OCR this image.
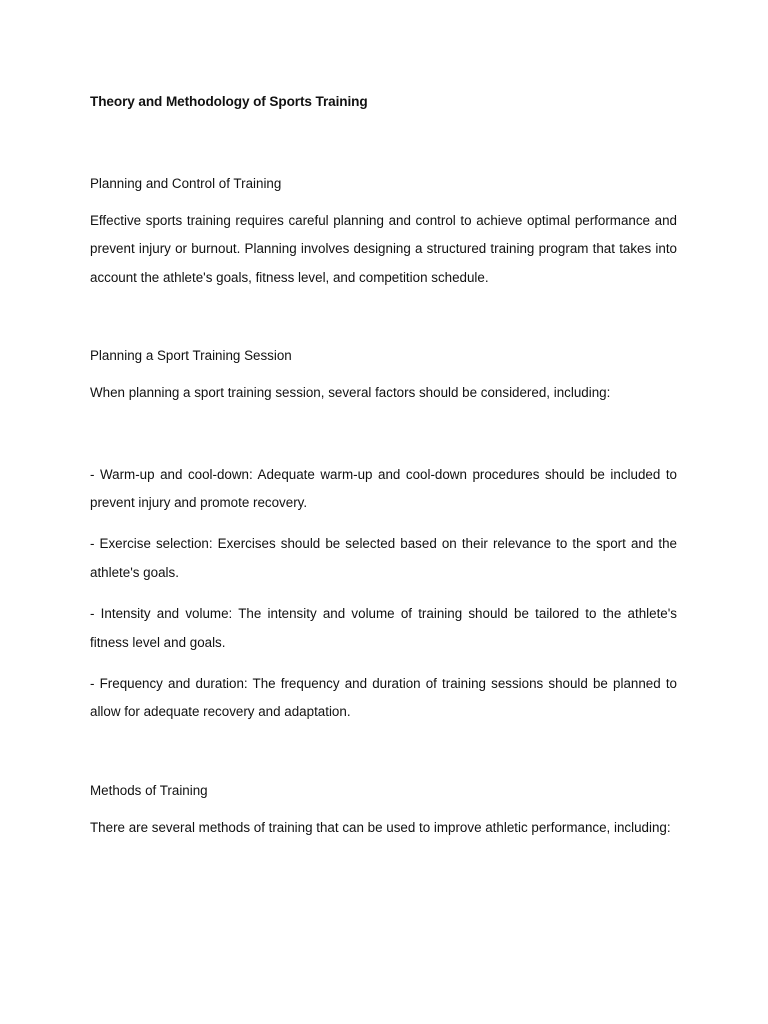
Theory and Methodology of Sports Training
Planning and Control of Training

Effective sports training requires careful planning and control to achieve optimal performance and prevent injury or burnout. Planning involves designing a structured training program that takes into account the athlete's goals, fitness level, and competition schedule.

Planning a Sport Training Session

When planning a sport training session, several factors should be considered, including:

- Warm-up and cool-down: Adequate warm-up and cool-down procedures should be included to prevent injury and promote recovery.

- Exercise selection: Exercises should be selected based on their relevance to the sport and the athlete's goals.

- Intensity and volume: The intensity and volume of training should be tailored to the athlete's fitness level and goals.

- Frequency and duration: The frequency and duration of training sessions should be planned to allow for adequate recovery and adaptation.

Methods of Training

There are several methods of training that can be used to improve athletic performance, including:
